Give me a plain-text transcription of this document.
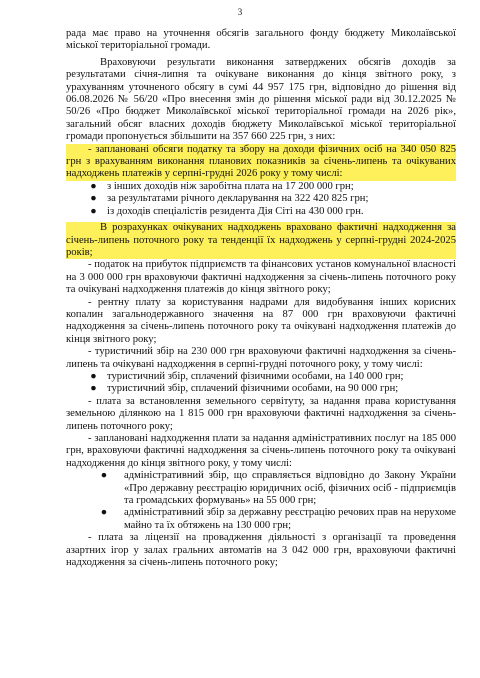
3

рада має право на уточнення обсягів загального фонду бюджету Миколаївської міської територіальної громади.

Враховуючи результати виконання затверджених обсягів доходів за результатами січня-липня та очікуване виконання до кінця звітного року, з урахуванням уточненого обсягу в сумі 44 957 175 грн, відповідно до рішення від 06.08.2026 № 56/20 «Про внесення змін до рішення міської ради від 30.12.2025 № 50/26 «Про бюджет Миколаївської міської територіальної громади на 2026 рік», загальний обсяг власних доходів бюджету Миколаївської міської територіальної громади пропонується збільшити на 357 660 225 грн, з них:

- заплановані обсяги податку та збору на доходи фізичних осіб на 340 050 825 грн з врахуванням виконання планових показників за січень-липень та очікуваних надходжень платежів у серпні-грудні 2026 року у тому числі:

● з інших доходів ніж заробітна плата на 17 200 000 грн;
● за результатами річного декларування на 322 420 825 грн;
● із доходів спеціалістів резидента Дія Сіті на 430 000 грн.

В розрахунках очікуваних надходжень враховано фактичні надходження за січень-липень поточного року та тенденції їх надходжень у серпні-грудні 2024-2025 років;

- податок на прибуток підприємств та фінансових установ комунальної власності на 3 000 000 грн враховуючи фактичні надходження за січень-липень поточного року та очікувані надходження платежів до кінця звітного року;

- рентну плату за користування надрами для видобування інших корисних копалин загальнодержавного значення на 87 000 грн враховуючи фактичні надходження за січень-липень поточного року та очікувані надходження платежів до кінця звітного року;

- туристичний збір на 230 000 грн враховуючи фактичні надходження за січень-липень та очікувані надходження в серпні-грудні поточного року, у тому числі:

● туристичний збір, сплачений фізичними особами, на 140 000 грн;
● туристичний збір, сплачений фізичними особами, на 90 000 грн;

- плата за встановлення земельного сервітуту, за надання права користування земельною ділянкою на 1 815 000 грн враховуючи фактичні надходження за січень-липень поточного року;

- заплановані надходження плати за надання адміністративних послуг на 185 000 грн, враховуючи фактичні надходження за січень-липень поточного року та очікувані надходження до кінця звітного року, у тому числі:

●	адміністративний збір, що справляється відповідно до Закону України «Про державну реєстрацію юридичних осіб, фізичних осіб - підприємців та громадських формувань» на 55 000 грн;
●	адміністративний збір за державну реєстрацію речових прав на нерухоме майно та їх обтяжень на 130 000 грн;

- плата за ліцензії на провадження діяльності з організації та проведення азартних ігор у залах гральних автоматів на 3 042 000 грн, враховуючи фактичні надходження за січень-липень поточного року;
